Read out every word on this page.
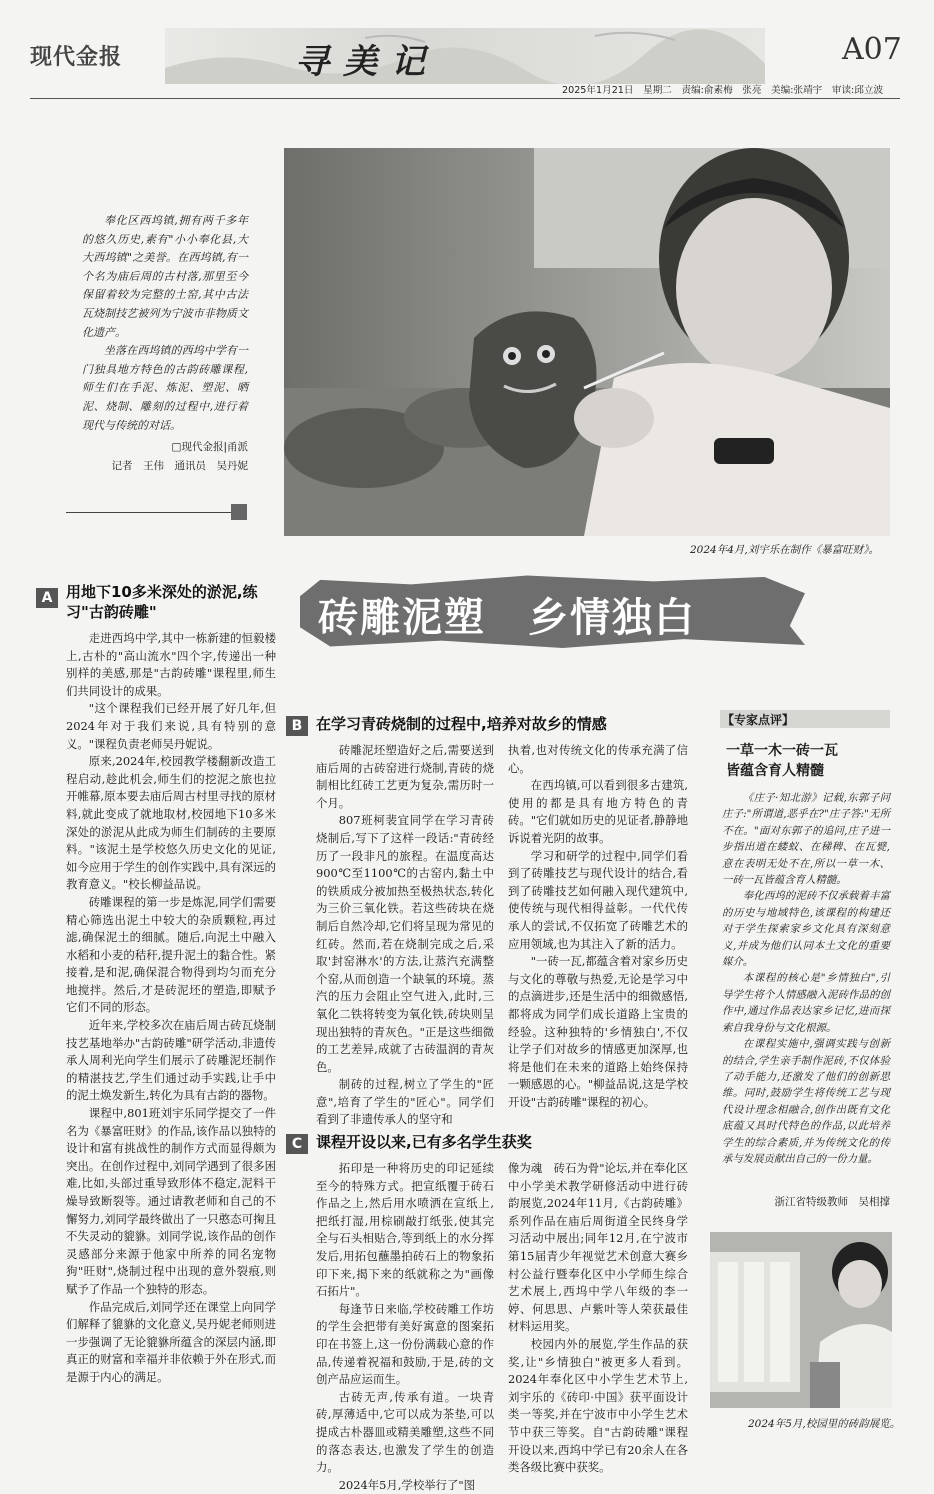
现代金报	寻美记	A07
2025年1月21日　星期二　责编:俞素梅　张亮　美编:张靖宇　审读:邱立波

奉化区西坞镇,拥有两千多年的悠久历史,素有"小小奉化县,大大西坞镇"之美誉。在西坞镇,有一个名为庙后周的古村落,那里至今保留着较为完整的土窑,其中古法瓦烧制技艺被列为宁波市非物质文化遗产。

坐落在西坞镇的西坞中学有一门独具地方特色的古韵砖雕课程,师生们在手泥、炼泥、塑泥、晒泥、烧制、雕刻的过程中,进行着现代与传统的对话。

□现代金报|甬派
记者　王伟　通讯员　吴丹妮
2024年4月,刘宇乐在制作《暴富旺财》。
砖雕泥塑　乡情独白
A 用地下10多米深处的淤泥,练习"古韵砖雕"

走进西坞中学,其中一栋新建的恒毅楼上,古朴的"高山流水"四个字,传递出一种别样的美感,那是"古韵砖雕"课程里,师生们共同设计的成果。

"这个课程我们已经开展了好几年,但2024年对于我们来说,具有特别的意义。"课程负责老师吴丹妮说。

原来,2024年,校园教学楼翻新改造工程启动,趁此机会,师生们的挖泥之旅也拉开帷幕,原本要去庙后周古村里寻找的原材料,就此变成了就地取材,校园地下10多米深处的淤泥从此成为师生们制砖的主要原料。"该泥土是学校悠久历史文化的见证,如今应用于学生的创作实践中,具有深远的教育意义。"校长柳益品说。

砖雕课程的第一步是炼泥,同学们需要精心筛选出泥土中较大的杂质颗粒,再过滤,确保泥土的细腻。随后,向泥土中融入水稻和小麦的秸秆,提升泥土的黏合性。紧接着,是和泥,确保混合物得到均匀而充分地搅拌。然后,才是砖泥坯的塑造,即赋予它们不同的形态。

近年来,学校多次在庙后周古砖瓦烧制技艺基地举办"古韵砖雕"研学活动,非遗传承人周利光向学生们展示了砖雕泥坯制作的精湛技艺,学生们通过动手实践,让手中的泥土焕发新生,转化为具有古韵的器物。

课程中,801班刘宇乐同学提交了一件名为《暴富旺财》的作品,该作品以独特的设计和富有挑战性的制作方式而显得颇为突出。在创作过程中,刘同学遇到了很多困难,比如,头部过重导致形体不稳定,泥料干燥导致断裂等。通过请教老师和自己的不懈努力,刘同学最终做出了一只憨态可掬且不失灵动的貔貅。刘同学说,该作品的创作灵感部分来源于他家中所养的同名宠物狗"旺财",烧制过程中出现的意外裂痕,则赋予了作品一个独特的形态。

作品完成后,刘同学还在课堂上向同学们解释了貔貅的文化意义,吴丹妮老师则进一步强调了无论貔貅所蕴含的深层内涵,即真正的财富和幸福并非依赖于外在形式,而是源于内心的满足。

B 在学习青砖烧制的过程中,培养对故乡的情感

砖雕泥坯塑造好之后,需要送到庙后周的古砖窑进行烧制,青砖的烧制相比红砖工艺更为复杂,需历时一个月。

807班柯裴宜同学在学习青砖烧制后,写下了这样一段话:"青砖经历了一段非凡的旅程。在温度高达900℃至1100℃的古窑内,黏土中的铁质成分被加热至极热状态,转化为三价三氧化铁。若这些砖块在烧制后自然冷却,它们将呈现为常见的红砖。然而,若在烧制完成之后,采取'封窑淋水'的方法,让蒸汽充满整个窑,从而创造一个缺氧的环境。蒸汽的压力会阻止空气进入,此时,三氧化二铁将转变为氧化铁,砖块则呈现出独特的青灰色。"正是这些细微的工艺差异,成就了古砖温润的青灰色。

制砖的过程,树立了学生的"匠意",培育了学生的"匠心"。同学们看到了非遗传承人的坚守和

执着,也对传统文化的传承充满了信心。

在西坞镇,可以看到很多古建筑,使用的都是具有地方特色的青砖。"它们就如历史的见证者,静静地诉说着光阴的故事。

学习和研学的过程中,同学们看到了砖雕技艺与现代设计的结合,看到了砖雕技艺如何融入现代建筑中,使传统与现代相得益彰。一代代传承人的尝试,不仅拓宽了砖雕艺术的应用领域,也为其注入了新的活力。

"一砖一瓦,都蕴含着对家乡历史与文化的尊敬与热爱,无论是学习中的点滴进步,还是生活中的细微感悟,都将成为同学们成长道路上宝贵的经验。这种独特的'乡情独白',不仅让学子们对故乡的情感更加深厚,也将是他们在未来的道路上始终保持一颗感恩的心。"柳益品说,这是学校开设"古韵砖雕"课程的初心。

C 课程开设以来,已有多名学生获奖

拓印是一种将历史的印记延续至今的特殊方式。把宣纸覆于砖石作品之上,然后用水喷洒在宣纸上,把纸打湿,用棕刷敲打纸张,使其完全与石头相贴合,等到纸上的水分挥发后,用拓包蘸墨拍砖石上的物象拓印下来,揭下来的纸就称之为"画像石拓片"。

每逢节日来临,学校砖雕工作坊的学生会把带有美好寓意的图案拓印在书签上,这一份份满载心意的作品,传递着祝福和鼓励,于是,砖的文创产品应运而生。

古砖无声,传承有道。一块青砖,厚薄适中,它可以成为茶垫,可以提成古朴器皿或精美雕塑,这些不同的落态表达,也激发了学生的创造力。

2024年5月,学校举行了"图

像为魂　砖石为骨"论坛,并在奉化区中小学美术教学研修活动中进行砖韵展览,2024年11月,《古韵砖雕》系列作品在庙后周街道全民终身学习活动中展出;同年12月,在宁波市第15届青少年视觉艺术创意大赛乡村公益行暨奉化区中小学师生综合艺术展上,西坞中学八年级的李一婷、何思思、卢紫叶等人荣获最佳材料运用奖。

校园内外的展览,学生作品的获奖,让"乡情独白"被更多人看到。2024年奉化区中小学生艺术节上,刘宇乐的《砖印·中国》获平面设计类一等奖,并在宁波市中小学生艺术节中获三等奖。自"古韵砖雕"课程开设以来,西坞中学已有20余人在各类各级比赛中获奖。

【专家点评】
一草一木一砖一瓦
皆蕴含育人精髓

《庄子·知北游》记载,东郭子问庄子:"所谓道,恶乎在?"庄子答:"无所不在。"面对东郭子的追问,庄子进一步指出道在蝼蚁、在稊稗、在瓦甓,意在表明无处不在,所以一草一木、一砖一瓦皆蕴含育人精髓。

奉化西坞的泥砖不仅承载着丰富的历史与地域特色,该课程的构建还对于学生探索家乡文化具有深刻意义,并成为他们认同本土文化的重要媒介。

本课程的核心是"乡情独白",引导学生将个人情感融入泥砖作品的创作中,通过作品表达家乡记忆,进而探索自我身份与文化根源。

在课程实施中,强调实践与创新的结合,学生亲手制作泥砖,不仅体验了动手能力,还激发了他们的创新思维。同时,鼓励学生将传统工艺与现代设计理念相融合,创作出既有文化底蕴又具时代特色的作品,以此培养学生的综合素质,并为传统文化的传承与发展贡献出自己的一份力量。

浙江省特级教师　吴相撑
2024年5月,校园里的砖韵展览。
